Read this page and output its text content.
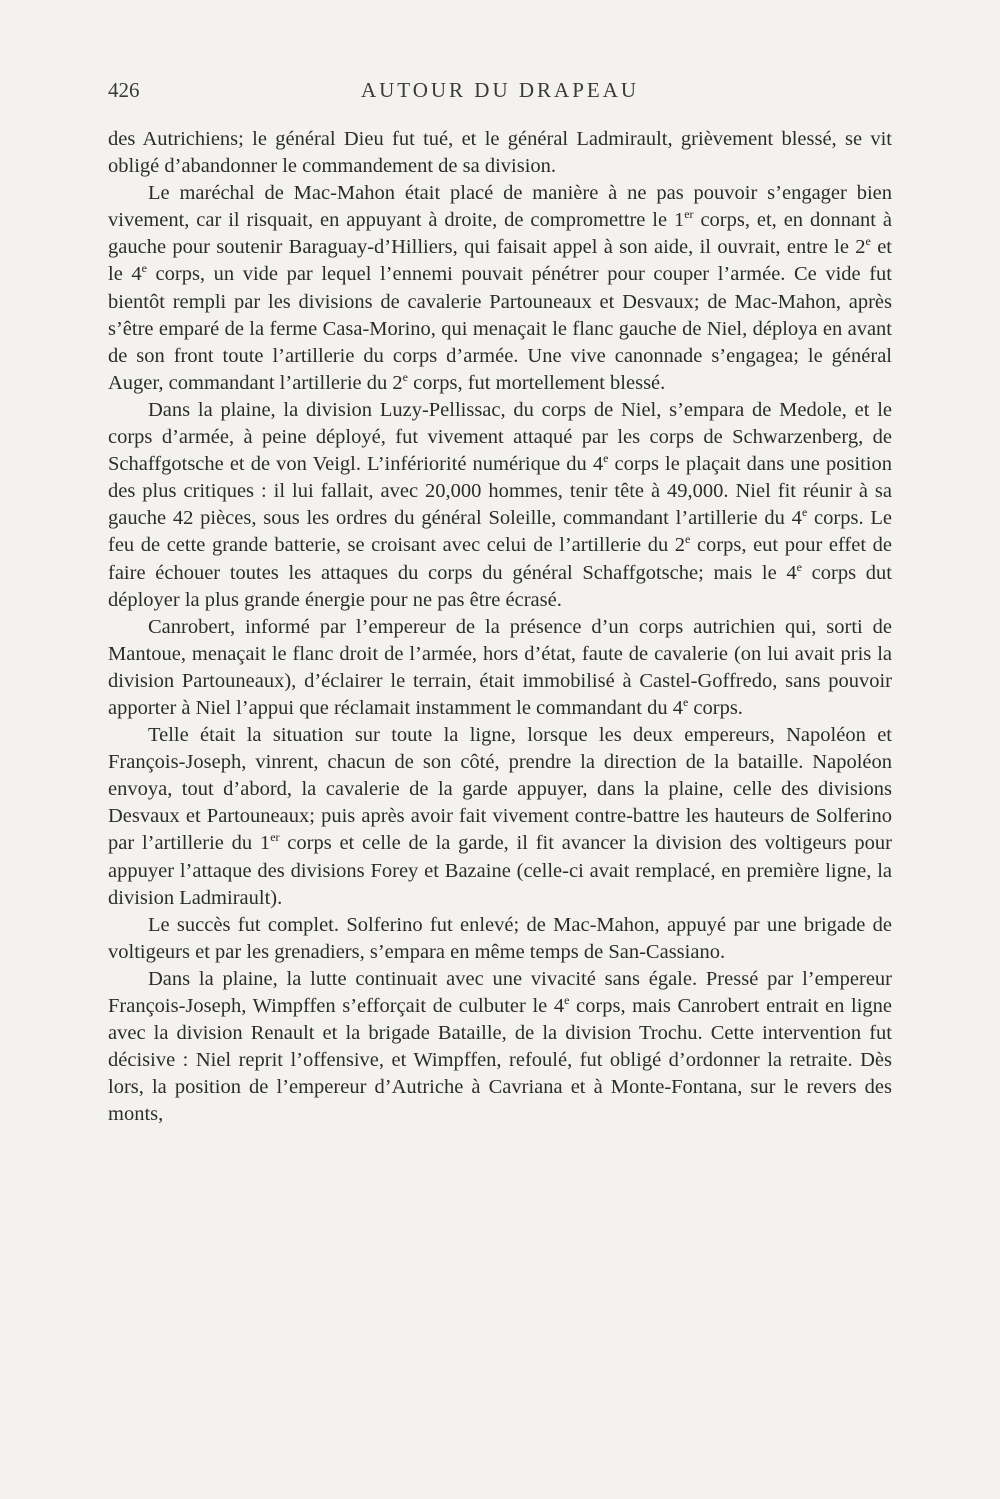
426	AUTOUR DU DRAPEAU

des Autrichiens; le général Dieu fut tué, et le général Ladmirault, grièvement blessé, se vit obligé d’abandonner le commandement de sa division.

Le maréchal de Mac-Mahon était placé de manière à ne pas pouvoir s’engager bien vivement, car il risquait, en appuyant à droite, de compromettre le 1er corps, et, en donnant à gauche pour soutenir Baraguay-d’Hilliers, qui faisait appel à son aide, il ouvrait, entre le 2e et le 4e corps, un vide par lequel l’ennemi pouvait pénétrer pour couper l’armée. Ce vide fut bientôt rempli par les divisions de cavalerie Partouneaux et Desvaux; de Mac-Mahon, après s’être emparé de la ferme Casa-Morino, qui menaçait le flanc gauche de Niel, déploya en avant de son front toute l’artillerie du corps d’armée. Une vive canonnade s’engagea; le général Auger, commandant l’artillerie du 2e corps, fut mortellement blessé.

Dans la plaine, la division Luzy-Pellissac, du corps de Niel, s’empara de Medole, et le corps d’armée, à peine déployé, fut vivement attaqué par les corps de Schwarzenberg, de Schaffgotsche et de von Veigl. L’infériorité numérique du 4e corps le plaçait dans une position des plus critiques : il lui fallait, avec 20,000 hommes, tenir tête à 49,000. Niel fit réunir à sa gauche 42 pièces, sous les ordres du général Soleille, commandant l’artillerie du 4e corps. Le feu de cette grande batterie, se croisant avec celui de l’artillerie du 2e corps, eut pour effet de faire échouer toutes les attaques du corps du général Schaffgotsche; mais le 4e corps dut déployer la plus grande énergie pour ne pas être écrasé.

Canrobert, informé par l’empereur de la présence d’un corps autrichien qui, sorti de Mantoue, menaçait le flanc droit de l’armée, hors d’état, faute de cavalerie (on lui avait pris la division Partouneaux), d’éclairer le terrain, était immobilisé à Castel-Goffredo, sans pouvoir apporter à Niel l’appui que réclamait instamment le commandant du 4e corps.

Telle était la situation sur toute la ligne, lorsque les deux empereurs, Napoléon et François-Joseph, vinrent, chacun de son côté, prendre la direction de la bataille. Napoléon envoya, tout d’abord, la cavalerie de la garde appuyer, dans la plaine, celle des divisions Desvaux et Partouneaux; puis après avoir fait vivement contre-battre les hauteurs de Solferino par l’artillerie du 1er corps et celle de la garde, il fit avancer la division des voltigeurs pour appuyer l’attaque des divisions Forey et Bazaine (celle-ci avait remplacé, en première ligne, la division Ladmirault).

Le succès fut complet. Solferino fut enlevé; de Mac-Mahon, appuyé par une brigade de voltigeurs et par les grenadiers, s’empara en même temps de San-Cassiano.

Dans la plaine, la lutte continuait avec une vivacité sans égale. Pressé par l’empereur François-Joseph, Wimpffen s’efforçait de culbuter le 4e corps, mais Canrobert entrait en ligne avec la division Renault et la brigade Bataille, de la division Trochu. Cette intervention fut décisive : Niel reprit l’offensive, et Wimpffen, refoulé, fut obligé d’ordonner la retraite. Dès lors, la position de l’empereur d’Autriche à Cavriana et à Monte-Fontana, sur le revers des monts,
